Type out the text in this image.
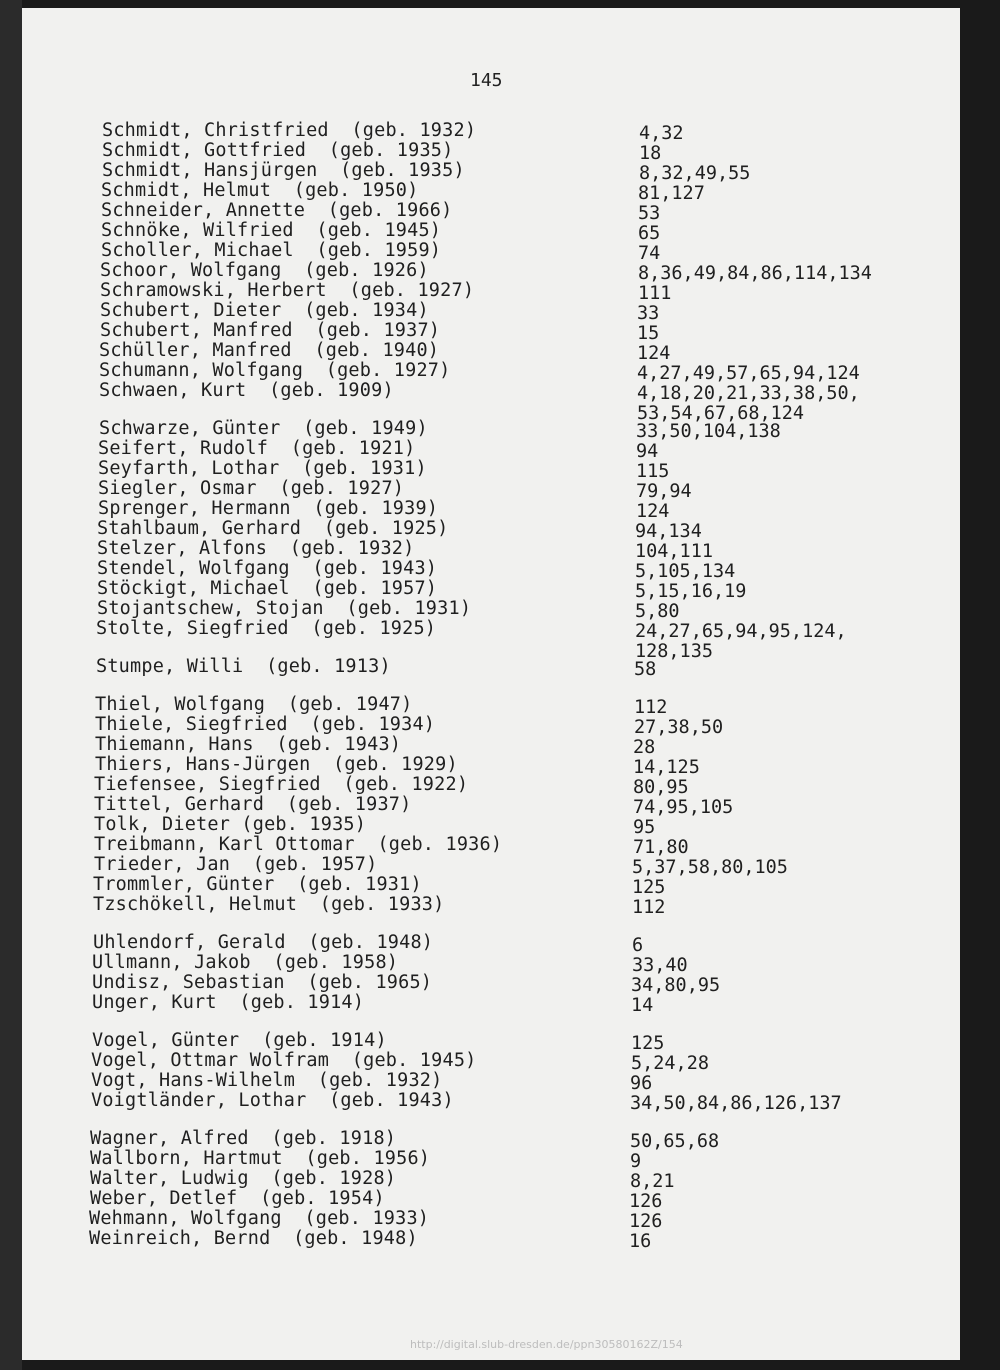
145
Schmidt, Christfried  (geb. 1932)	4,32
Schmidt, Gottfried  (geb. 1935)	18
Schmidt, Hansjürgen  (geb. 1935)	8,32,49,55
Schmidt, Helmut  (geb. 1950)	81,127
Schneider, Annette  (geb. 1966)	53
Schnöke, Wilfried  (geb. 1945)	65
Scholler, Michael  (geb. 1959)	74
Schoor, Wolfgang  (geb. 1926)	8,36,49,84,86,114,134
Schramowski, Herbert  (geb. 1927)	111
Schubert, Dieter  (geb. 1934)	33
Schubert, Manfred  (geb. 1937)	15
Schüller, Manfred  (geb. 1940)	124
Schumann, Wolfgang  (geb. 1927)	4,27,49,57,65,94,124
Schwaen, Kurt  (geb. 1909)	4,18,20,21,33,38,50,
53,54,67,68,124
Schwarze, Günter  (geb. 1949)	33,50,104,138
Seifert, Rudolf  (geb. 1921)	94
Seyfarth, Lothar  (geb. 1931)	115
Siegler, Osmar  (geb. 1927)	79,94
Sprenger, Hermann  (geb. 1939)	124
Stahlbaum, Gerhard  (geb. 1925)	94,134
Stelzer, Alfons  (geb. 1932)	104,111
Stendel, Wolfgang  (geb. 1943)	5,105,134
Stöckigt, Michael  (geb. 1957)	5,15,16,19
Stojantschew, Stojan  (geb. 1931)	5,80
Stolte, Siegfried  (geb. 1925)	24,27,65,94,95,124,
128,135
Stumpe, Willi  (geb. 1913)	58
Thiel, Wolfgang  (geb. 1947)	112
Thiele, Siegfried  (geb. 1934)	27,38,50
Thiemann, Hans  (geb. 1943)	28
Thiers, Hans-Jürgen  (geb. 1929)	14,125
Tiefensee, Siegfried  (geb. 1922)	80,95
Tittel, Gerhard  (geb. 1937)	74,95,105
Tolk, Dieter (geb. 1935)	95
Treibmann, Karl Ottomar  (geb. 1936)	71,80
Trieder, Jan  (geb. 1957)	5,37,58,80,105
Trommler, Günter  (geb. 1931)	125
Tzschökell, Helmut  (geb. 1933)	112
Uhlendorf, Gerald  (geb. 1948)	6
Ullmann, Jakob  (geb. 1958)	33,40
Undisz, Sebastian  (geb. 1965)	34,80,95
Unger, Kurt  (geb. 1914)	14
Vogel, Günter  (geb. 1914)	125
Vogel, Ottmar Wolfram  (geb. 1945)	5,24,28
Vogt, Hans-Wilhelm  (geb. 1932)	96
Voigtländer, Lothar  (geb. 1943)	34,50,84,86,126,137
Wagner, Alfred  (geb. 1918)	50,65,68
Wallborn, Hartmut  (geb. 1956)	9
Walter, Ludwig  (geb. 1928)	8,21
Weber, Detlef  (geb. 1954)	126
Wehmann, Wolfgang  (geb. 1933)	126
Weinreich, Bernd  (geb. 1948)	16
http://digital.slub-dresden.de/ppn30580162Z/154
